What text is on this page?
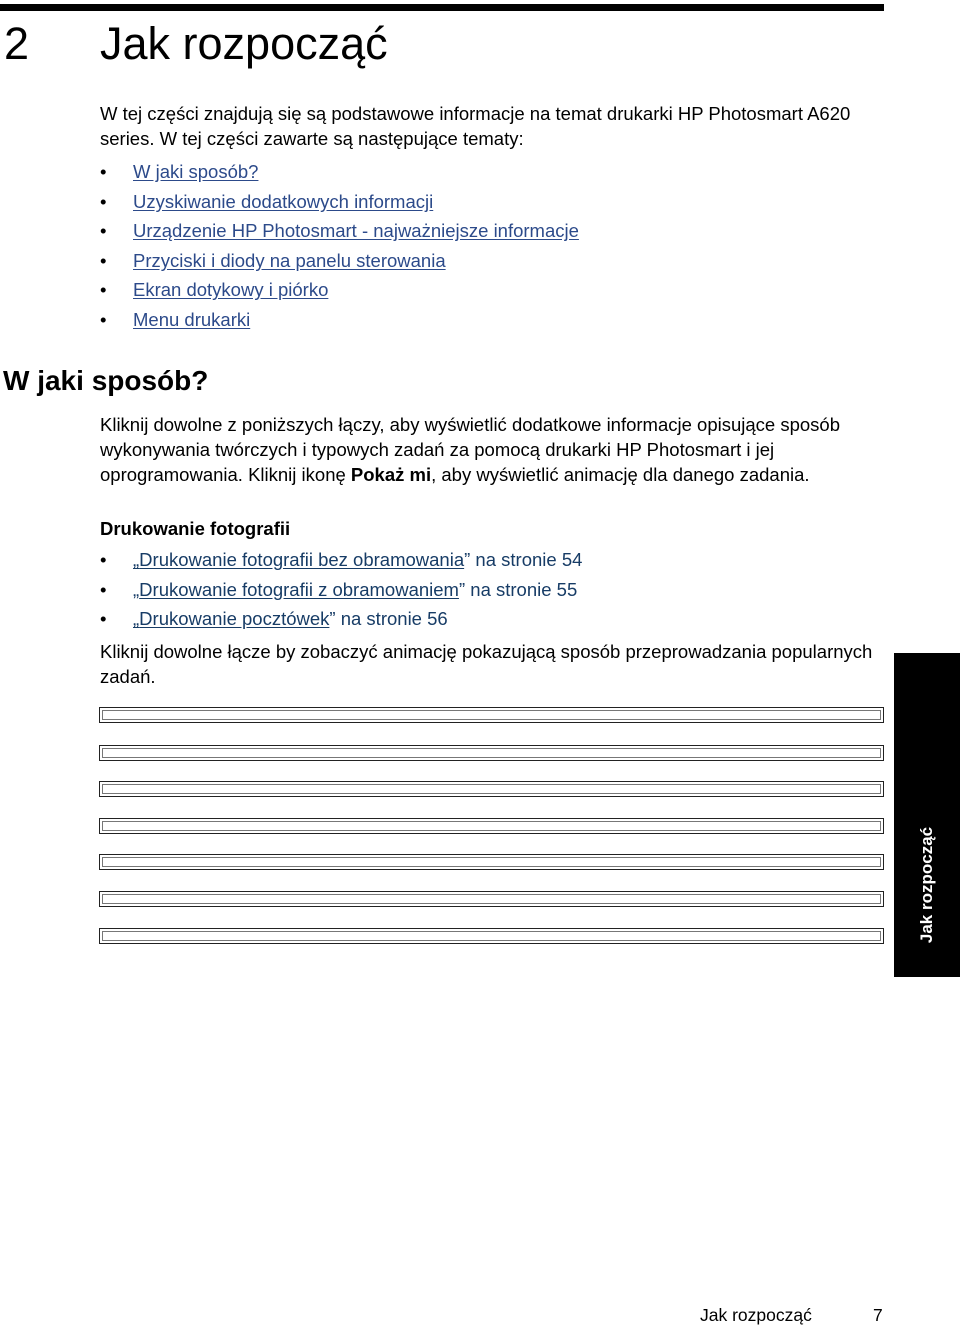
2 Jak rozpocząć

W tej części znajdują się są podstawowe informacje na temat drukarki HP Photosmart A620 series. W tej części zawarte są następujące tematy:

• W jaki sposób?
• Uzyskiwanie dodatkowych informacji
• Urządzenie HP Photosmart - najważniejsze informacje
• Przyciski i diody na panelu sterowania
• Ekran dotykowy i piórko
• Menu drukarki
W jaki sposób?

Kliknij dowolne z poniższych łączy, aby wyświetlić dodatkowe informacje opisujące sposób wykonywania twórczych i typowych zadań za pomocą drukarki HP Photosmart i jej oprogramowania. Kliknij ikonę Pokaż mi, aby wyświetlić animację dla danego zadania.

Drukowanie fotografii
• „Drukowanie fotografii bez obramowania” na stronie 54
• „Drukowanie fotografii z obramowaniem” na stronie 55
• „Drukowanie pocztówek” na stronie 56

Kliknij dowolne łącze by zobaczyć animację pokazującą sposób przeprowadzania popularnych zadań.

Jak rozpocząć
Jak rozpocząć	7
